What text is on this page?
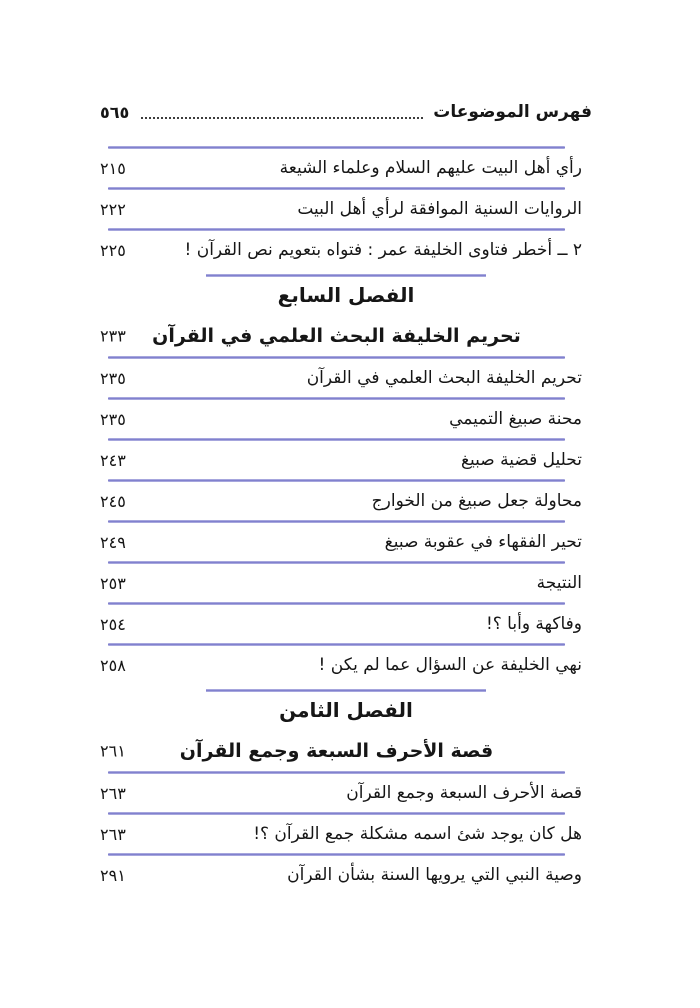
فهرس الموضوعات
٥٦٥
رأي أهل البيت عليهم السلام وعلماء الشيعة
٢١٥
الروايات السنية الموافقة لرأي أهل البيت
٢٢٢
٢ ــ أخطر فتاوى الخليفة عمر : فتواه بتعويم نص القرآن !
٢٢٥
الفصل السابع
تحريم الخليفة البحث العلمي في القرآن
٢٣٣
تحريم الخليفة البحث العلمي في القرآن
٢٣٥
محنة صبيغ التميمي
٢٣٥
تحليل قضية صبيغ
٢٤٣
محاولة جعل صبيغ من الخوارج
٢٤٥
تحير الفقهاء في عقوبة صبيغ
٢٤٩
النتيجة
٢٥٣
وفاكهة وأبا ؟!
٢٥٤
نهي الخليفة عن السؤال عما لم يكن !
٢٥٨
الفصل الثامن
قصة الأحرف السبعة وجمع القرآن
٢٦١
قصة الأحرف السبعة وجمع القرآن
٢٦٣
هل كان يوجد شئ اسمه مشكلة جمع القرآن ؟!
٢٦٣
وصية النبي التي يرويها السنة بشأن القرآن
٢٩١
